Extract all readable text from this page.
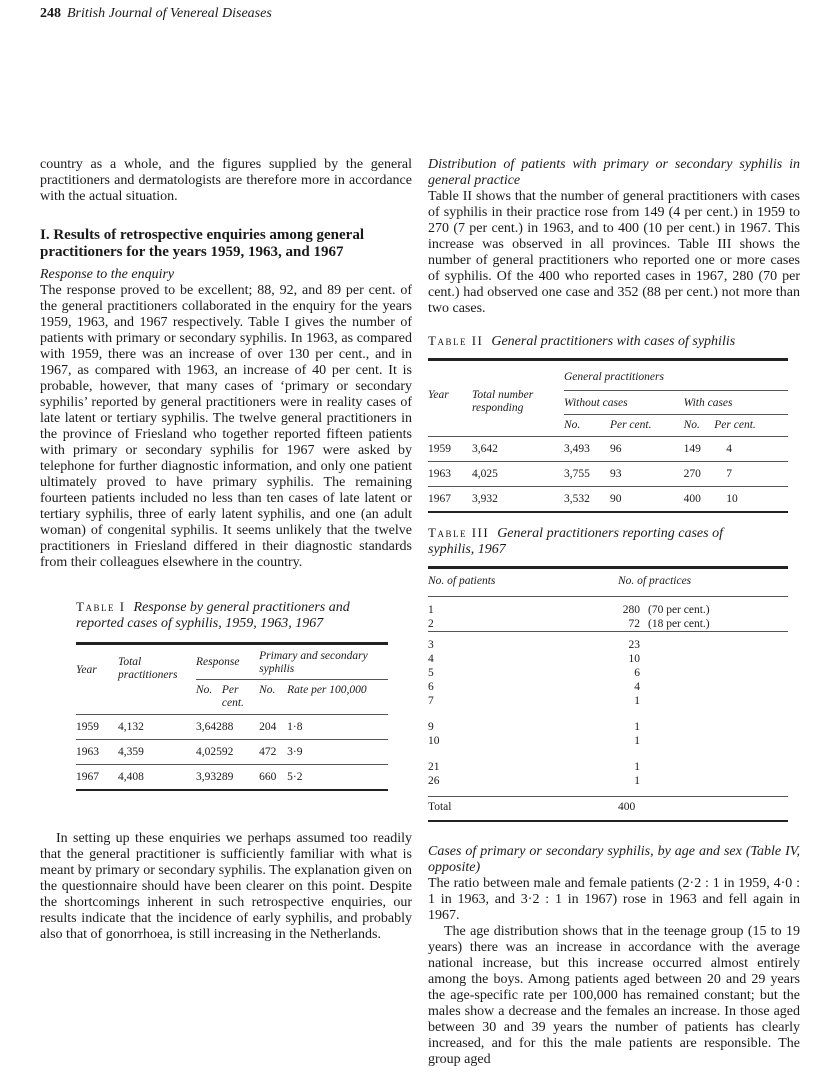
248 British Journal of Venereal Diseases

country as a whole, and the figures supplied by the general practitioners and dermatologists are therefore more in accordance with the actual situation.

I. Results of retrospective enquiries among general practitioners for the years 1959, 1963, and 1967

Response to the enquiry

The response proved to be excellent; 88, 92, and 89 per cent. of the general practitioners collaborated in the enquiry for the years 1959, 1963, and 1967 respectively. Table I gives the number of patients with primary or secondary syphilis. In 1963, as compared with 1959, there was an increase of over 130 per cent., and in 1967, as compared with 1963, an increase of 40 per cent. It is probable, however, that many cases of ‘primary or secondary syphilis’ reported by general practitioners were in reality cases of late latent or tertiary syphilis. The twelve general practitioners in the province of Friesland who together reported fifteen patients with primary or secondary syphilis for 1967 were asked by telephone for further diagnostic information, and only one patient ultimately proved to have primary syphilis. The remaining fourteen patients included no less than ten cases of late latent or tertiary syphilis, three of early latent syphilis, and one (an adult woman) of congenital syphilis. It seems unlikely that the twelve practitioners in Friesland differed in their diagnostic standards from their colleagues elsewhere in the country.

Table I Response by general practitioners and reported cases of syphilis, 1959, 1963, 1967

Year	Total practitioners	Response		Primary and secondary syphilis	
		No.	Per cent.	No.	Rate per 100,000
1959	4,132	3,642	88	204	1·8
1963	4,359	4,025	92	472	3·9
1967	4,408	3,932	89	660	5·2

In setting up these enquiries we perhaps assumed too readily that the general practitioner is sufficiently familiar with what is meant by primary or secondary syphilis. The explanation given on the questionnaire should have been clearer on this point. Despite the shortcomings inherent in such retrospective enquiries, our results indicate that the incidence of early syphilis, and probably also that of gonorrhoea, is still increasing in the Netherlands.

Distribution of patients with primary or secondary syphilis in general practice

Table II shows that the number of general practitioners with cases of syphilis in their practice rose from 149 (4 per cent.) in 1959 to 270 (7 per cent.) in 1963, and to 400 (10 per cent.) in 1967. This increase was observed in all provinces. Table III shows the number of general practitioners who reported one or more cases of syphilis. Of the 400 who reported cases in 1967, 280 (70 per cent.) had observed one case and 352 (88 per cent.) not more than two cases.

Table II General practitioners with cases of syphilis
Year	Total number responding	General practitioners			
		Without cases		With cases	
		No.	Per cent.	No.	Per cent.
1959	3,642	3,493	96	149	4
1963	4,025	3,755	93	270	7
1967	3,932	3,532	90	400	10
Table III General practitioners reporting cases of syphilis, 1967
No. of patients	No. of practices
1	280 (70 per cent.)
2	72 (18 per cent.)
3	23
4	10
5	6
6	4
7	1
9	1
10	1
21	1
26	1
Total	400

Cases of primary or secondary syphilis, by age and sex (Table IV, opposite)

The ratio between male and female patients (2·2 : 1 in 1959, 4·0 : 1 in 1963, and 3·2 : 1 in 1967) rose in 1963 and fell again in 1967.

The age distribution shows that in the teenage group (15 to 19 years) there was an increase in accordance with the average national increase, but this increase occurred almost entirely among the boys. Among patients aged between 20 and 29 years the age-specific rate per 100,000 has remained constant; but the males show a decrease and the females an increase. In those aged between 30 and 39 years the number of patients has clearly increased, and for this the male patients are responsible. The group aged
